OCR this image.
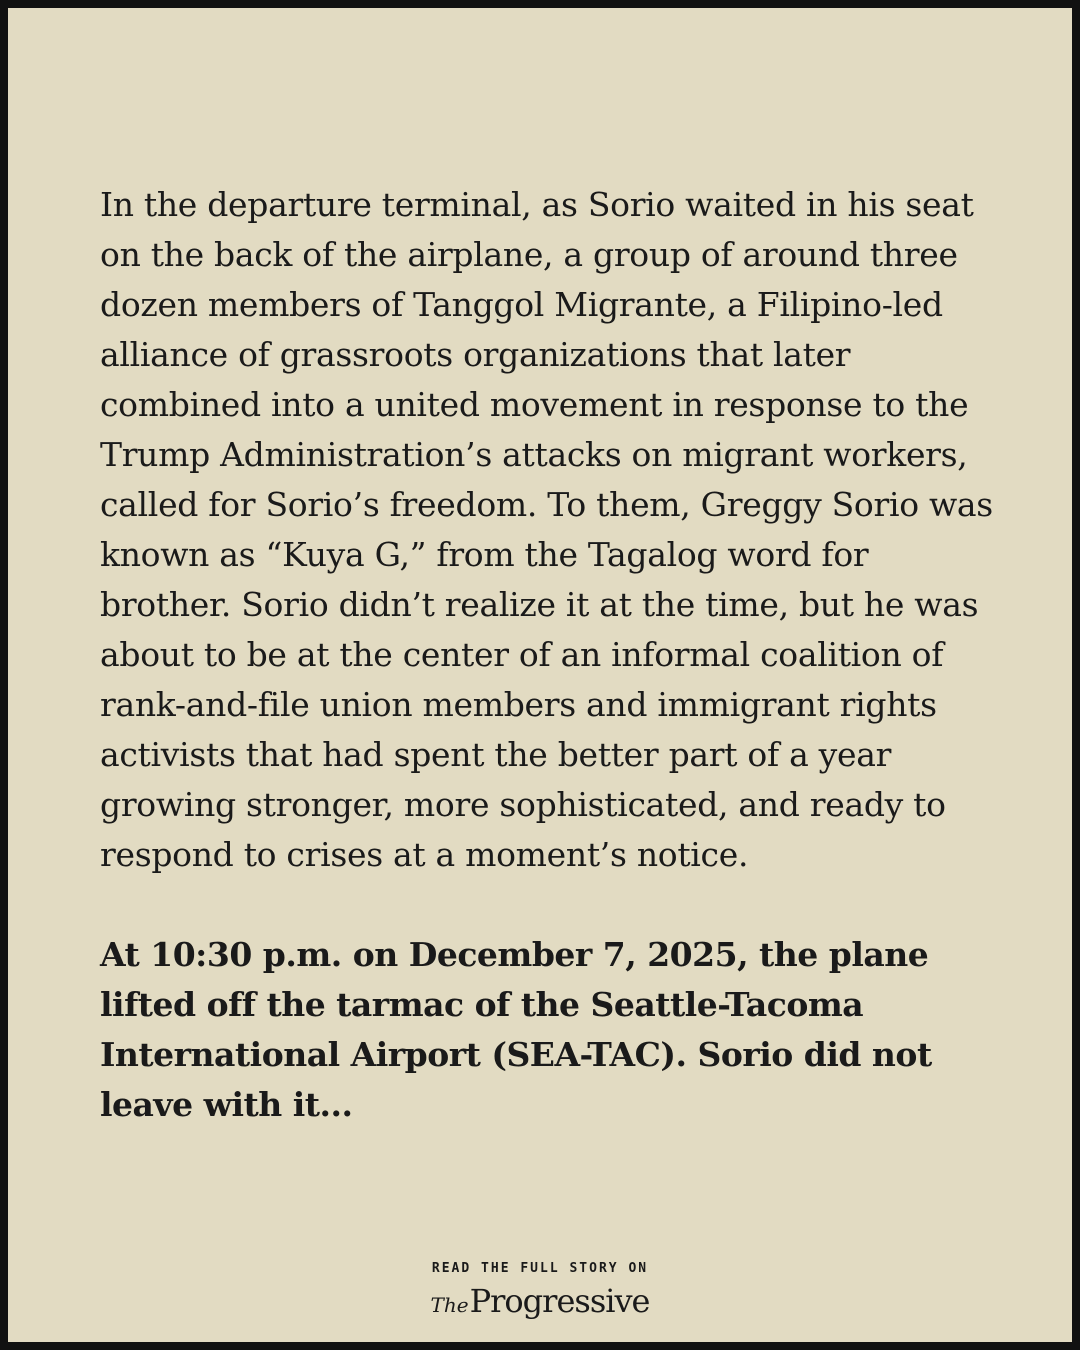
In the departure terminal, as Sorio waited in his seat on the back of the airplane, a group of around three dozen members of Tanggol Migrante, a Filipino-led alliance of grassroots organizations that later combined into a united movement in response to the Trump Administration’s attacks on migrant workers, called for Sorio’s freedom. To them, Greggy Sorio was known as “Kuya G,” from the Tagalog word for brother. Sorio didn’t realize it at the time, but he was about to be at the center of an informal coalition of rank-and-file union members and immigrant rights activists that had spent the better part of a year growing stronger, more sophisticated, and ready to respond to crises at a moment’s notice.

At 10:30 p.m. on December 7, 2025, the plane lifted off the tarmac of the Seattle-Tacoma International Airport (SEA-TAC). Sorio did not leave with it...

READ THE FULL STORY ON
The Progressive
